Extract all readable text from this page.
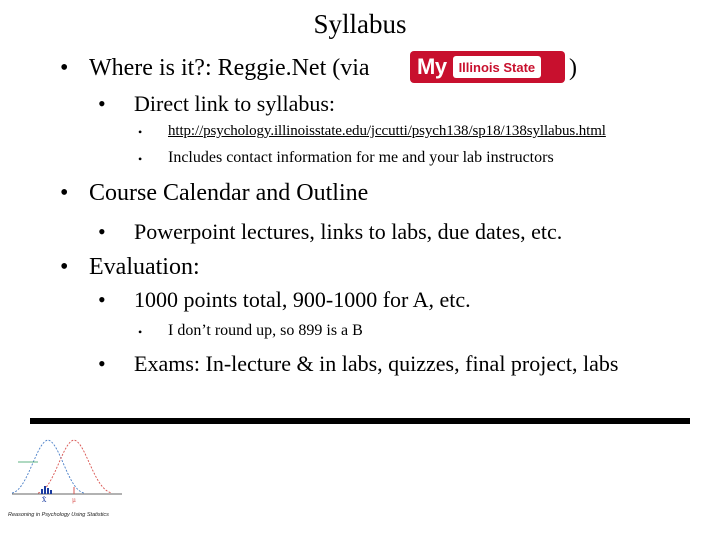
Syllabus
• Where is it?: Reggie.Net (via	My Illinois State )
• Direct link to syllabus:
• http://psychology.illinoisstate.edu/jccutti/psych138/sp18/138syllabus.html
• Includes contact information for me and your lab instructors
• Course Calendar and Outline
• Powerpoint lectures, links to labs, due dates, etc.
• Evaluation:
• 1000 points total, 900-1000 for A, etc.
• I don’t round up, so 899 is a B
• Exams: In-lecture & in labs, quizzes, final project, labs
X̄	μ
Reasoning in Psychology Using Statistics
